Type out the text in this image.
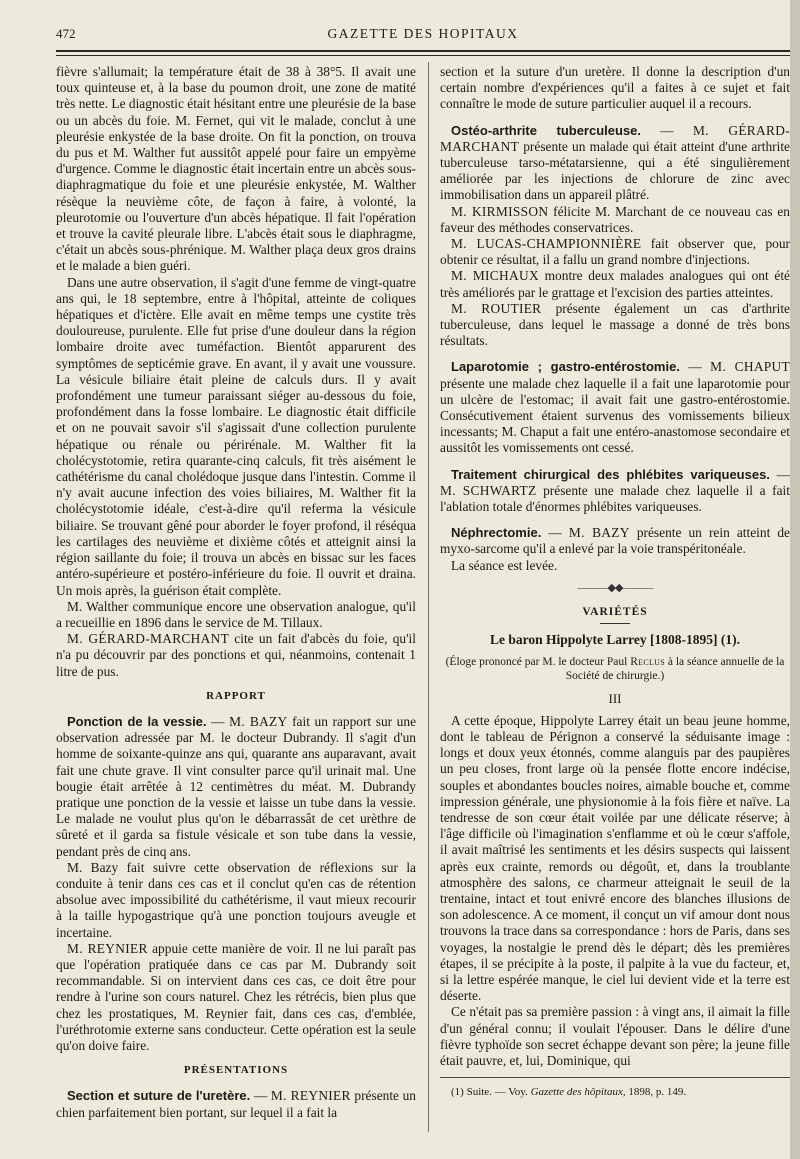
472	GAZETTE DES HOPITAUX

fièvre s'allumait; la température était de 38 à 38°5. Il avait une toux quinteuse et, à la base du poumon droit, une zone de matité très nette. Le diagnostic était hésitant entre une pleurésie de la base ou un abcès du foie. M. Fernet, qui vit le malade, conclut à une pleurésie enkystée de la base droite. On fit la ponction, on trouva du pus et M. Walther fut aussitôt appelé pour faire un empyème d'urgence. Comme le diagnostic était incertain entre un abcès sous-diaphragmatique du foie et une pleurésie enkystée, M. Walther résèque la neuvième côte, de façon à faire, à volonté, la pleurotomie ou l'ouverture d'un abcès hépatique. Il fait l'opération et trouve la cavité pleurale libre. L'abcès était sous le diaphragme, c'était un abcès sous-phrénique. M. Walther plaça deux gros drains et le malade a bien guéri.

Dans une autre observation, il s'agit d'une femme de vingt-quatre ans qui, le 18 septembre, entre à l'hôpital, atteinte de coliques hépatiques et d'ictère. Elle avait en même temps une cystite très douloureuse, purulente. Elle fut prise d'une douleur dans la région lombaire droite avec tuméfaction. Bientôt apparurent des symptômes de septicémie grave. En avant, il y avait une voussure. La vésicule biliaire était pleine de calculs durs. Il y avait profondément une tumeur paraissant siéger au-dessous du foie, profondément dans la fosse lombaire. Le diagnostic était difficile et on ne pouvait savoir s'il s'agissait d'une collection purulente hépatique ou rénale ou périrénale. M. Walther fit la cholécystotomie, retira quarante-cinq calculs, fit très aisément le cathétérisme du canal cholédoque jusque dans l'intestin. Comme il n'y avait aucune infection des voies biliaires, M. Walther fit la cholécystotomie idéale, c'est-à-dire qu'il referma la vésicule biliaire. Se trouvant gêné pour aborder le foyer profond, il réséqua les cartilages des neuvième et dixième côtés et atteignit ainsi la région saillante du foie; il trouva un abcès en bissac sur les faces antéro-supérieure et postéro-inférieure du foie. Il ouvrit et draina. Un mois après, la guérison était complète.

M. Walther communique encore une observation analogue, qu'il a recueillie en 1896 dans le service de M. Tillaux.

M. GÉRARD-MARCHANT cite un fait d'abcès du foie, qu'il n'a pu découvrir par des ponctions et qui, néanmoins, contenait 1 litre de pus.

RAPPORT

Ponction de la vessie. — M. BAZY fait un rapport sur une observation adressée par M. le docteur Dubrandy. Il s'agit d'un homme de soixante-quinze ans qui, quarante ans auparavant, avait fait une chute grave. Il vint consulter parce qu'il urinait mal. Une bougie était arrêtée à 12 centimètres du méat. M. Dubrandy pratique une ponction de la vessie et laisse un tube dans la vessie. Le malade ne voulut plus qu'on le débarrassât de cet urèthre de sûreté et il garda sa fistule vésicale et son tube dans la vessie, pendant près de cinq ans.

M. Bazy fait suivre cette observation de réflexions sur la conduite à tenir dans ces cas et il conclut qu'en cas de rétention absolue avec impossibilité du cathétérisme, il vaut mieux recourir à la taille hypogastrique qu'à une ponction toujours aveugle et incertaine.

M. REYNIER appuie cette manière de voir. Il ne lui paraît pas que l'opération pratiquée dans ce cas par M. Dubrandy soit recommandable. Si on intervient dans ces cas, ce doit être pour rendre à l'urine son cours naturel. Chez les rétrécis, bien plus que chez les prostatiques, M. Reynier fait, dans ces cas, d'emblée, l'uréthrotomie externe sans conducteur. Cette opération est la seule qu'on doive faire.

PRÉSENTATIONS

Section et suture de l'uretère. — M. REYNIER présente un chien parfaitement bien portant, sur lequel il a fait la

section et la suture d'un uretère. Il donne la description d'un certain nombre d'expériences qu'il a faites à ce sujet et fait connaître le mode de suture particulier auquel il a recours.

Ostéo-arthrite tuberculeuse. — M. GÉRARD-MARCHANT présente un malade qui était atteint d'une arthrite tuberculeuse tarso-métatarsienne, qui a été singulièrement améliorée par les injections de chlorure de zinc avec immobilisation dans un appareil plâtré.

M. KIRMISSON félicite M. Marchant de ce nouveau cas en faveur des méthodes conservatrices.

M. LUCAS-CHAMPIONNIÈRE fait observer que, pour obtenir ce résultat, il a fallu un grand nombre d'injections.

M. MICHAUX montre deux malades analogues qui ont été très améliorés par le grattage et l'excision des parties atteintes.

M. ROUTIER présente également un cas d'arthrite tuberculeuse, dans lequel le massage a donné de très bons résultats.

Laparotomie ; gastro-entérostomie. — M. CHAPUT présente une malade chez laquelle il a fait une laparotomie pour un ulcère de l'estomac; il avait fait une gastro-entérostomie. Consécutivement étaient survenus des vomissements bilieux incessants; M. Chaput a fait une entéro-anastomose secondaire et aussitôt les vomissements ont cessé.

Traitement chirurgical des phlébites variqueuses. — M. SCHWARTZ présente une malade chez laquelle il a fait l'ablation totale d'énormes phlébites variqueuses.

Néphrectomie. — M. BAZY présente un rein atteint de myxo-sarcome qu'il a enlevé par la voie transpéritonéale.

La séance est levée.

———◆◆———
VARIÉTÉS
Le baron Hippolyte Larrey [1808-1895] (1).
(Éloge prononcé par M. le docteur Paul Reclus à la séance annuelle de la Société de chirurgie.)
III

A cette époque, Hippolyte Larrey était un beau jeune homme, dont le tableau de Pérignon a conservé la séduisante image : longs et doux yeux étonnés, comme alanguis par des paupières un peu closes, front large où la pensée flotte encore indécise, souples et abondantes boucles noires, aimable bouche et, comme impression générale, une physionomie à la fois fière et naïve. La tendresse de son cœur était voilée par une délicate réserve; à l'âge difficile où l'imagination s'enflamme et où le cœur s'affole, il avait maîtrisé les sentiments et les désirs suspects qui laissent après eux crainte, remords ou dégoût, et, dans la troublante atmosphère des salons, ce charmeur atteignait le seuil de la trentaine, intact et tout enivré encore des blanches illusions de son adolescence. A ce moment, il conçut un vif amour dont nous trouvons la trace dans sa correspondance : hors de Paris, dans ses voyages, la nostalgie le prend dès le départ; dès les premières étapes, il se précipite à la poste, il palpite à la vue du facteur, et, si la lettre espérée manque, le ciel lui devient vide et la terre est déserte.

Ce n'était pas sa première passion : à vingt ans, il aimait la fille d'un général connu; il voulait l'épouser. Dans le délire d'une fièvre typhoïde son secret échappe devant son père; la jeune fille était pauvre, et, lui, Dominique, qui

(1) Suite. — Voy. Gazette des hôpitaux, 1898, p. 149.
